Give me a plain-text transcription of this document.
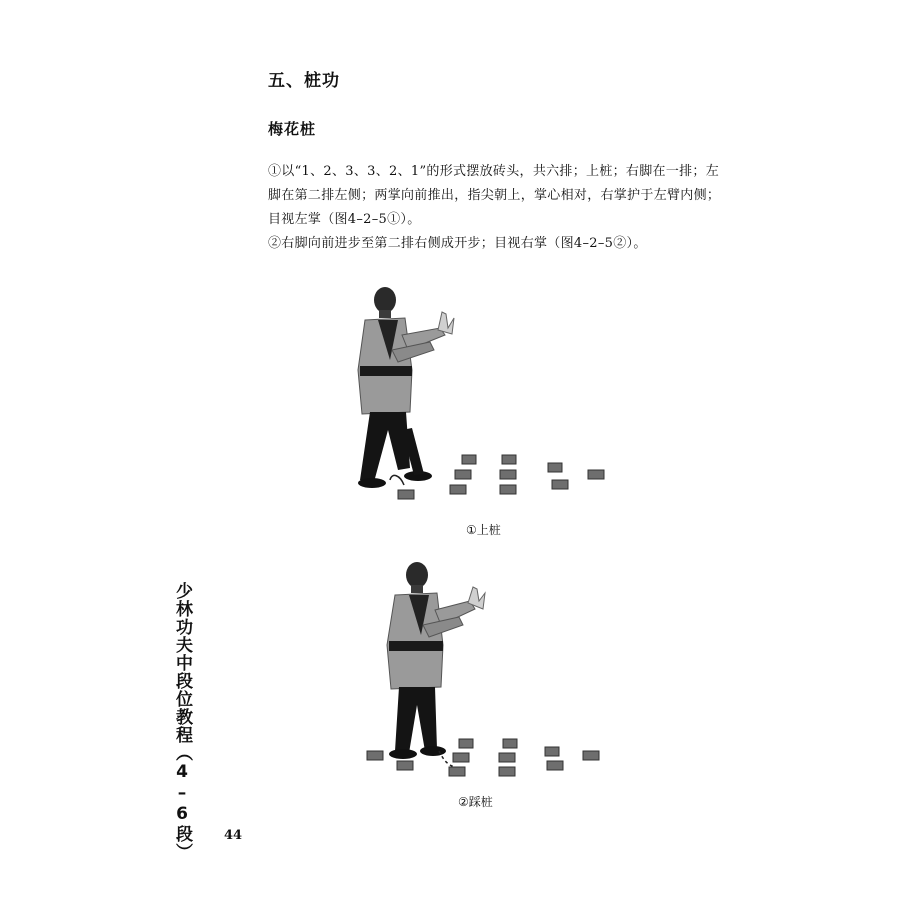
五、桩功
梅花桩

①以“1、2、3、3、2、1”的形式摆放砖头，共六排；上桩；右脚在一排；左脚在第二排左侧；两掌向前推出，指尖朝上，掌心相对，右掌护于左臂内侧；目视左掌（图4–2–5①）。

②右脚向前进步至第二排右侧成开步；目视右掌（图4–2–5②）。

①上桩
②踩桩
少林功夫中段位教程（4–6段） 44
